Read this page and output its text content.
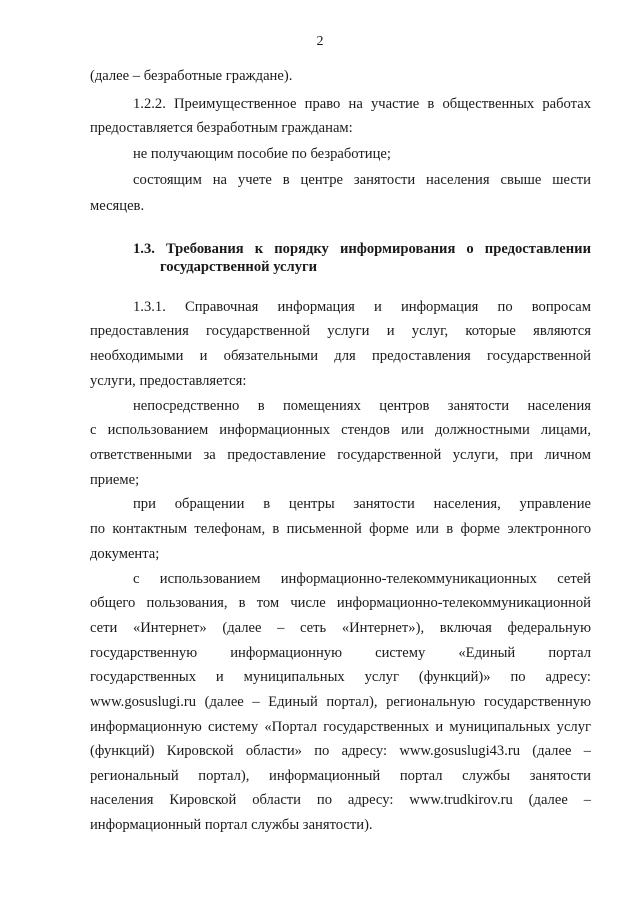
2
(далее – безработные граждане).
1.2.2. Преимущественное право на участие в общественных работах
предоставляется безработным гражданам:
не получающим пособие по безработице;
состоящим на учете в центре занятости населения свыше шести
месяцев.
1.3. Требования к порядку информирования о предоставлении
государственной услуги
1.3.1. Справочная информация и информация по вопросам
предоставления государственной услуги и услуг, которые являются
необходимыми и обязательными для предоставления государственной
услуги, предоставляется:
непосредственно в помещениях центров занятости населения
с использованием информационных стендов или должностными лицами,
ответственными за предоставление государственной услуги, при личном
приеме;
при обращении в центры занятости населения, управление
по контактным телефонам, в письменной форме или в форме электронного
документа;
с использованием информационно-телекоммуникационных сетей
общего пользования, в том числе информационно-телекоммуникационной
сети «Интернет» (далее – сеть «Интернет»), включая федеральную
государственную информационную систему «Единый портал
государственных и муниципальных услуг (функций)» по адресу:
www.gosuslugi.ru (далее – Единый портал), региональную государственную
информационную систему «Портал государственных и муниципальных услуг
(функций) Кировской области» по адресу: www.gosuslugi43.ru (далее –
региональный портал), информационный портал службы занятости
населения Кировской области по адресу: www.trudkirov.ru (далее –
информационный портал службы занятости).
